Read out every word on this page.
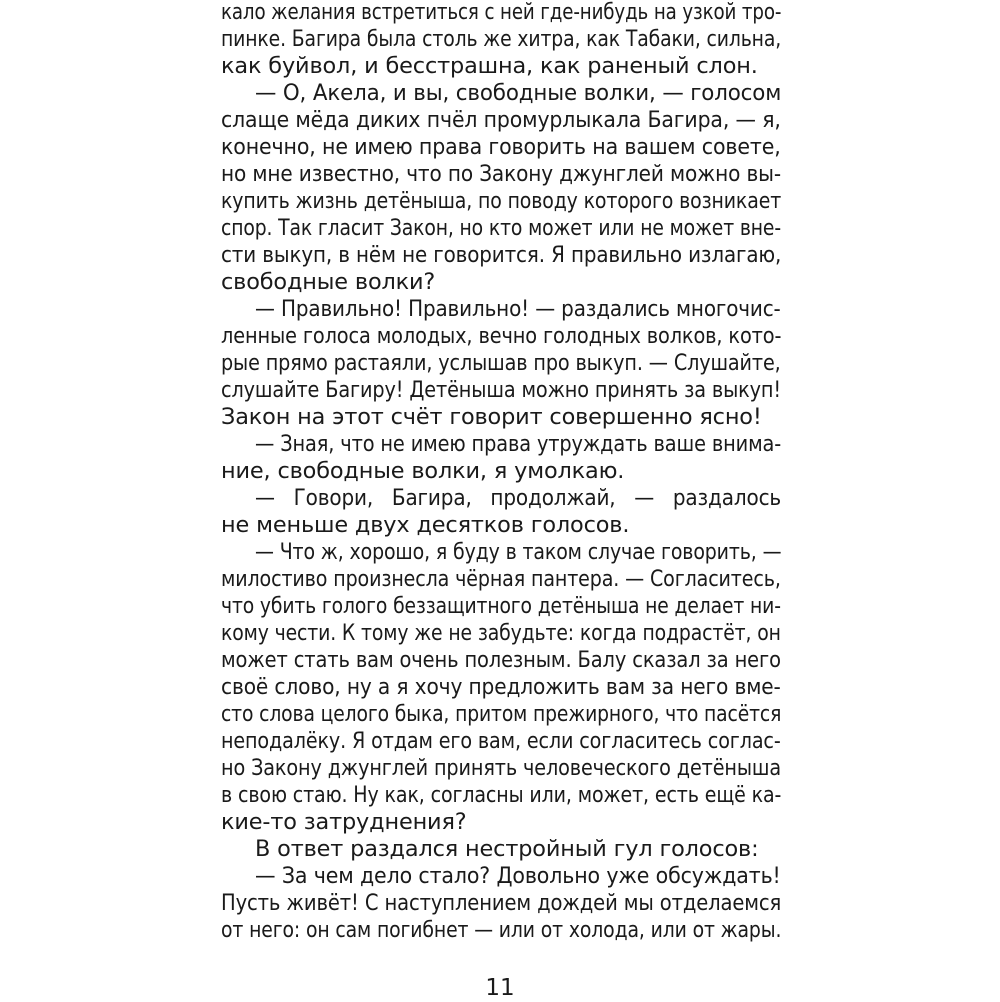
кало желания встретиться с ней где-нибудь на узкой тро-
пинке. Багира была столь же хитра, как Табаки, сильна,
как буйвол, и бесстрашна, как раненый слон.
— О, Акела, и вы, свободные волки, — голосом
слаще мёда диких пчёл промурлыкала Багира, — я,
конечно, не имею права говорить на вашем совете,
но мне известно, что по Закону джунглей можно вы-
купить жизнь детёныша, по поводу которого возникает
спор. Так гласит Закон, но кто может или не может вне-
сти выкуп, в нём не говорится. Я правильно излагаю,
свободные волки?
— Правильно! Правильно! — раздались многочис-
ленные голоса молодых, вечно голодных волков, кото-
рые прямо растаяли, услышав про выкуп. — Слушайте,
слушайте Багиру! Детёныша можно принять за выкуп!
Закон на этот счёт говорит совершенно ясно!
— Зная, что не имею права утруждать ваше внима-
ние, свободные волки, я умолкаю.
— Говори, Багира, продолжай, — раздалось
не меньше двух десятков голосов.
— Что ж, хорошо, я буду в таком случае говорить, —
милостиво произнесла чёрная пантера. — Согласитесь,
что убить голого беззащитного детёныша не делает ни-
кому чести. К тому же не забудьте: когда подрастёт, он
может стать вам очень полезным. Балу сказал за него
своё слово, ну а я хочу предложить вам за него вме-
сто слова целого быка, притом прежирного, что пасётся
неподалёку. Я отдам его вам, если согласитесь соглас-
но Закону джунглей принять человеческого детёныша
в свою стаю. Ну как, согласны или, может, есть ещё ка-
кие-то затруднения?
В ответ раздался нестройный гул голосов:
— За чем дело стало? Довольно уже обсуждать!
Пусть живёт! С наступлением дождей мы отделаемся
от него: он сам погибнет — или от холода, или от жары.
11
